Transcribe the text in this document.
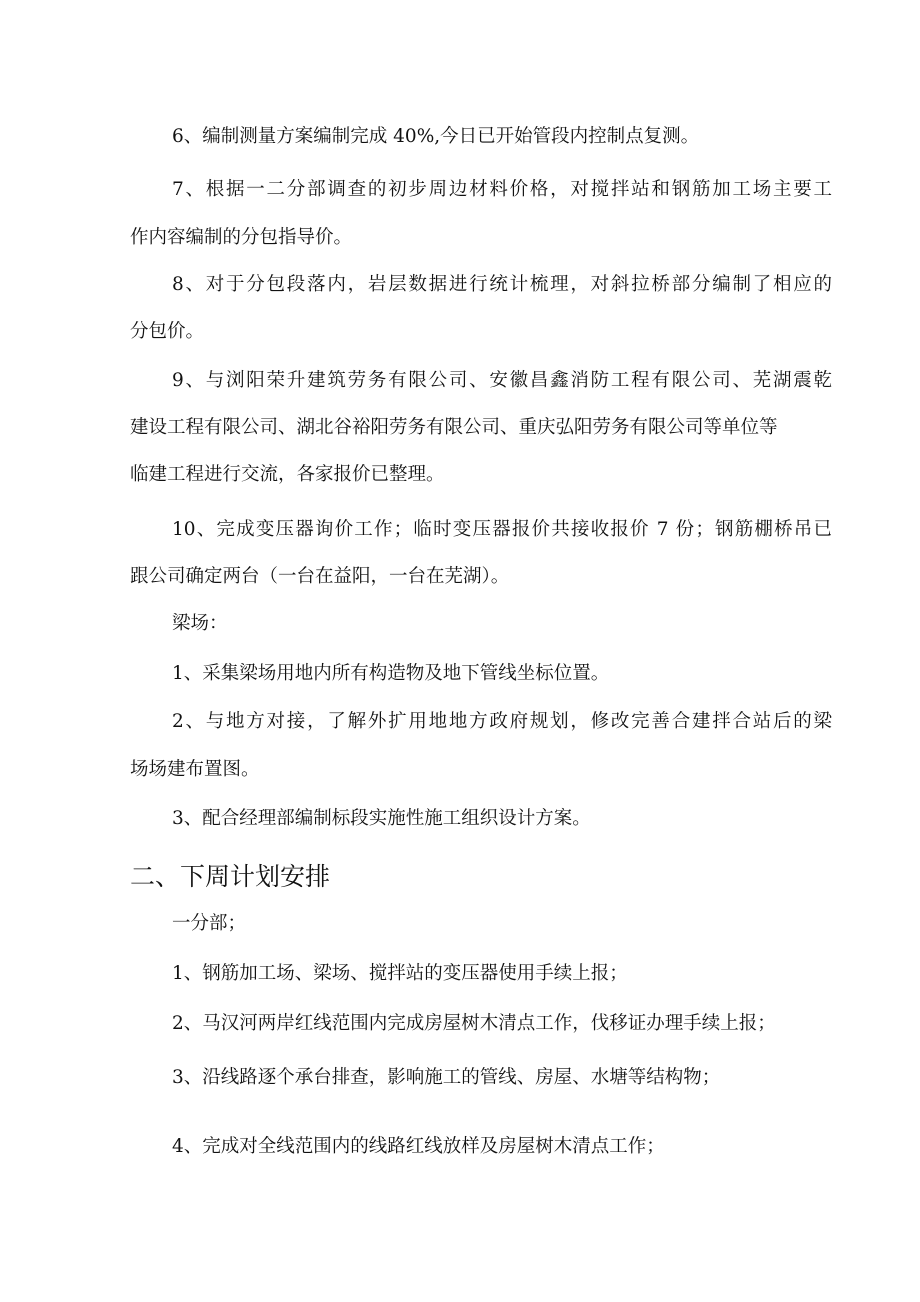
6、编制测量方案编制完成 40%,今日已开始管段内控制点复测。
7、根据一二分部调查的初步周边材料价格，对搅拌站和钢筋加工场主要工
作内容编制的分包指导价。
8、对于分包段落内，岩层数据进行统计梳理，对斜拉桥部分编制了相应的
分包价。
9、与浏阳荣升建筑劳务有限公司、安徽昌鑫消防工程有限公司、芜湖震乾
建设工程有限公司、湖北谷裕阳劳务有限公司、重庆弘阳劳务有限公司等单位等
临建工程进行交流，各家报价已整理。
10、完成变压器询价工作；临时变压器报价共接收报价 7 份；钢筋棚桥吊已
跟公司确定两台（一台在益阳，一台在芜湖）。
梁场：
1、采集梁场用地内所有构造物及地下管线坐标位置。
2、与地方对接，了解外扩用地地方政府规划，修改完善合建拌合站后的梁
场场建布置图。
3、配合经理部编制标段实施性施工组织设计方案。
二、下周计划安排
一分部；
1、钢筋加工场、梁场、搅拌站的变压器使用手续上报；
2、马汉河两岸红线范围内完成房屋树木清点工作，伐移证办理手续上报；
3、沿线路逐个承台排查，影响施工的管线、房屋、水塘等结构物；
4、完成对全线范围内的线路红线放样及房屋树木清点工作；
